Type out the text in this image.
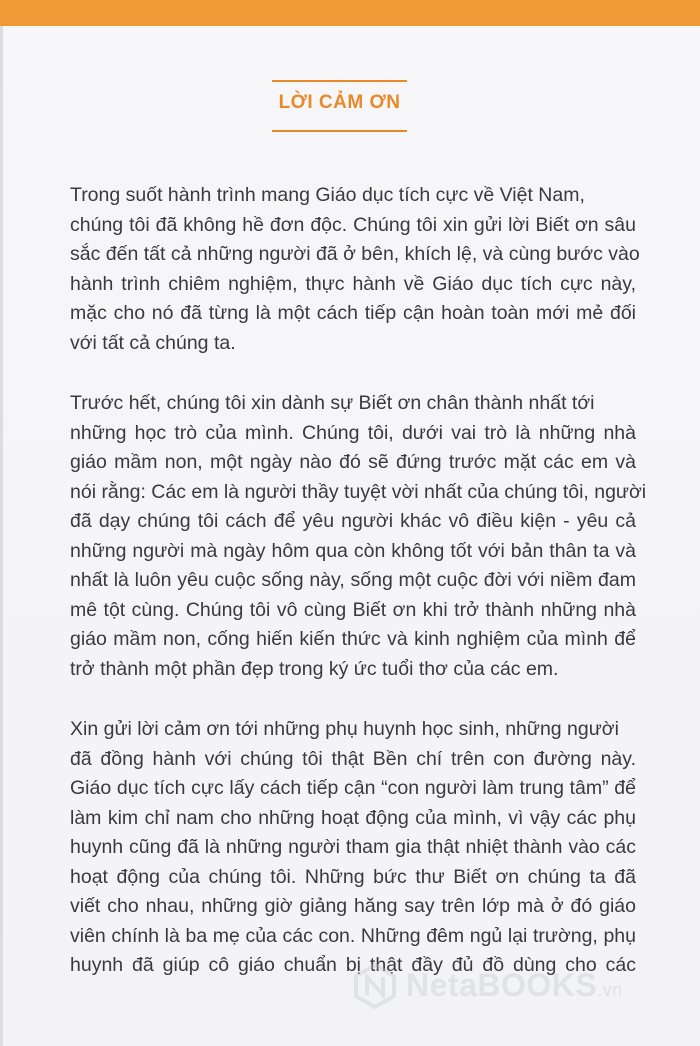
LỜI CẢM ƠN
Trong suốt hành trình mang Giáo dục tích cực về Việt Nam,
chúng tôi đã không hề đơn độc. Chúng tôi xin gửi lời Biết ơn sâu
sắc đến tất cả những người đã ở bên, khích lệ, và cùng bước vào
hành trình chiêm nghiệm, thực hành về Giáo dục tích cực này,
mặc cho nó đã từng là một cách tiếp cận hoàn toàn mới mẻ đối
với tất cả chúng ta.
Trước hết, chúng tôi xin dành sự Biết ơn chân thành nhất tới
những học trò của mình. Chúng tôi, dưới vai trò là những nhà
giáo mầm non, một ngày nào đó sẽ đứng trước mặt các em và
nói rằng: Các em là người thầy tuyệt vời nhất của chúng tôi, người
đã dạy chúng tôi cách để yêu người khác vô điều kiện - yêu cả
những người mà ngày hôm qua còn không tốt với bản thân ta và
nhất là luôn yêu cuộc sống này, sống một cuộc đời với niềm đam
mê tột cùng. Chúng tôi vô cùng Biết ơn khi trở thành những nhà
giáo mầm non, cống hiến kiến thức và kinh nghiệm của mình để
trở thành một phần đẹp trong ký ức tuổi thơ của các em.
Xin gửi lời cảm ơn tới những phụ huynh học sinh, những người
đã đồng hành với chúng tôi thật Bền chí trên con đường này.
Giáo dục tích cực lấy cách tiếp cận “con người làm trung tâm” để
làm kim chỉ nam cho những hoạt động của mình, vì vậy các phụ
huynh cũng đã là những người tham gia thật nhiệt thành vào các
hoạt động của chúng tôi. Những bức thư Biết ơn chúng ta đã
viết cho nhau, những giờ giảng hăng say trên lớp mà ở đó giáo
viên chính là ba mẹ của các con. Những đêm ngủ lại trường, phụ
huynh đã giúp cô giáo chuẩn bị thật đầy đủ đồ dùng cho các
NetaBOOKS.vn
